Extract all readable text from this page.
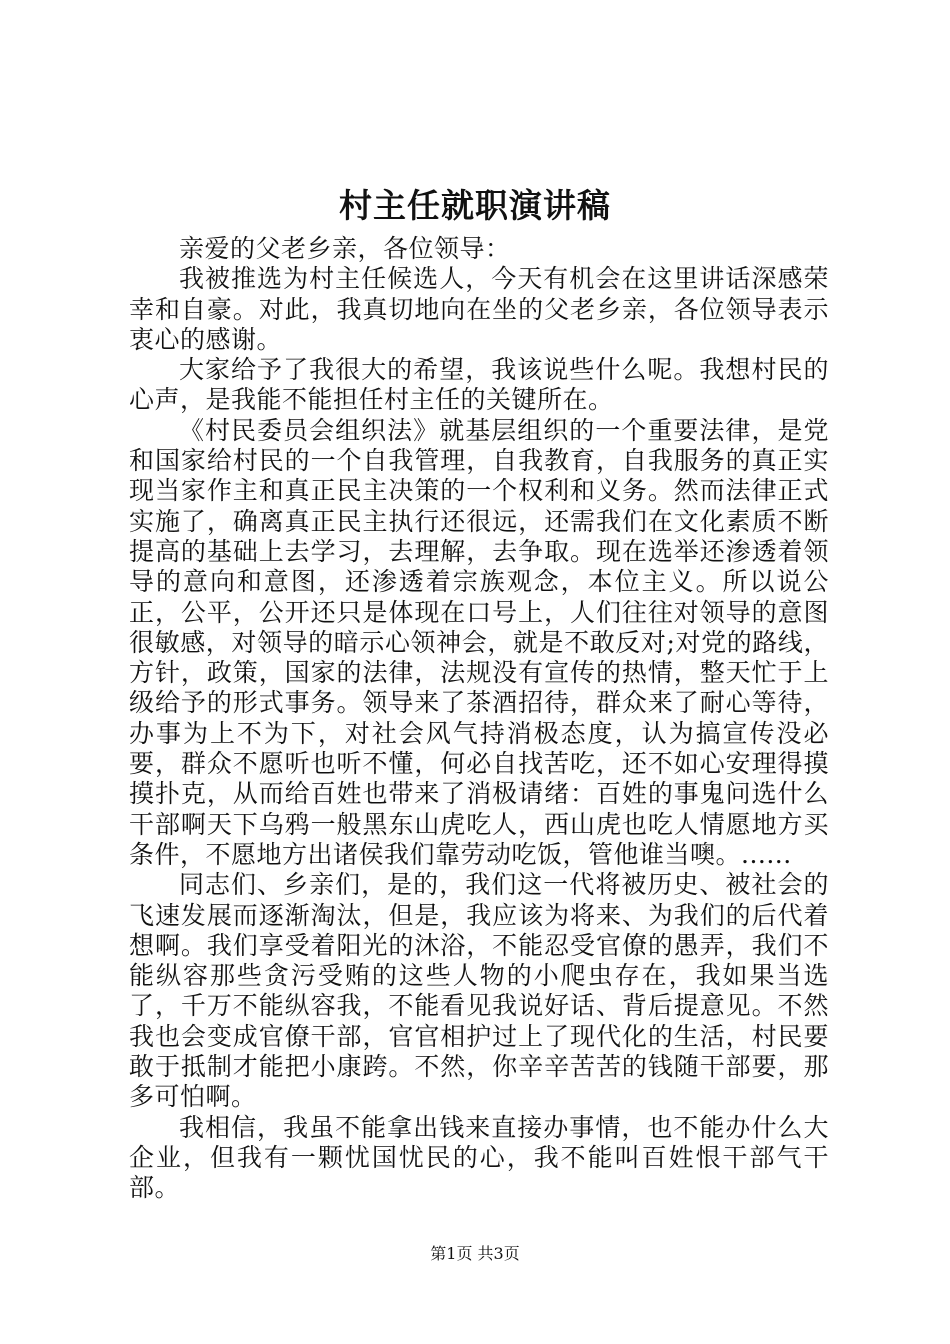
村主任就职演讲稿

亲爱的父老乡亲，各位领导：

我被推选为村主任候选人，今天有机会在这里讲话深感荣幸和自豪。对此，我真切地向在坐的父老乡亲，各位领导表示衷心的感谢。

大家给予了我很大的希望，我该说些什么呢。我想村民的心声，是我能不能担任村主任的关键所在。

《村民委员会组织法》就基层组织的一个重要法律，是党和国家给村民的一个自我管理，自我教育，自我服务的真正实现当家作主和真正民主决策的一个权利和义务。然而法律正式实施了，确离真正民主执行还很远，还需我们在文化素质不断提高的基础上去学习，去理解，去争取。现在选举还渗透着领导的意向和意图，还渗透着宗族观念，本位主义。所以说公正，公平，公开还只是体现在口号上，人们往往对领导的意图很敏感，对领导的暗示心领神会，就是不敢反对;对党的路线，方针，政策，国家的法律，法规没有宣传的热情，整天忙于上级给予的形式事务。领导来了茶酒招待，群众来了耐心等待，办事为上不为下，对社会风气持消极态度，认为搞宣传没必要，群众不愿听也听不懂，何必自找苦吃，还不如心安理得摸摸扑克，从而给百姓也带来了消极请绪：百姓的事鬼问选什么干部啊天下乌鸦一般黑东山虎吃人，西山虎也吃人情愿地方买条件，不愿地方出诸侯我们靠劳动吃饭，管他谁当噢。......

同志们、乡亲们，是的，我们这一代将被历史、被社会的飞速发展而逐渐淘汰，但是，我应该为将来、为我们的后代着想啊。我们享受着阳光的沐浴，不能忍受官僚的愚弄，我们不能纵容那些贪污受贿的这些人物的小爬虫存在，我如果当选了，千万不能纵容我，不能看见我说好话、背后提意见。不然我也会变成官僚干部，官官相护过上了现代化的生活，村民要敢于抵制才能把小康跨。不然，你辛辛苦苦的钱随干部要，那多可怕啊。

我相信，我虽不能拿出钱来直接办事情，也不能办什么大企业，但我有一颗忧国忧民的心，我不能叫百姓恨干部气干部。

第1页 共3页
